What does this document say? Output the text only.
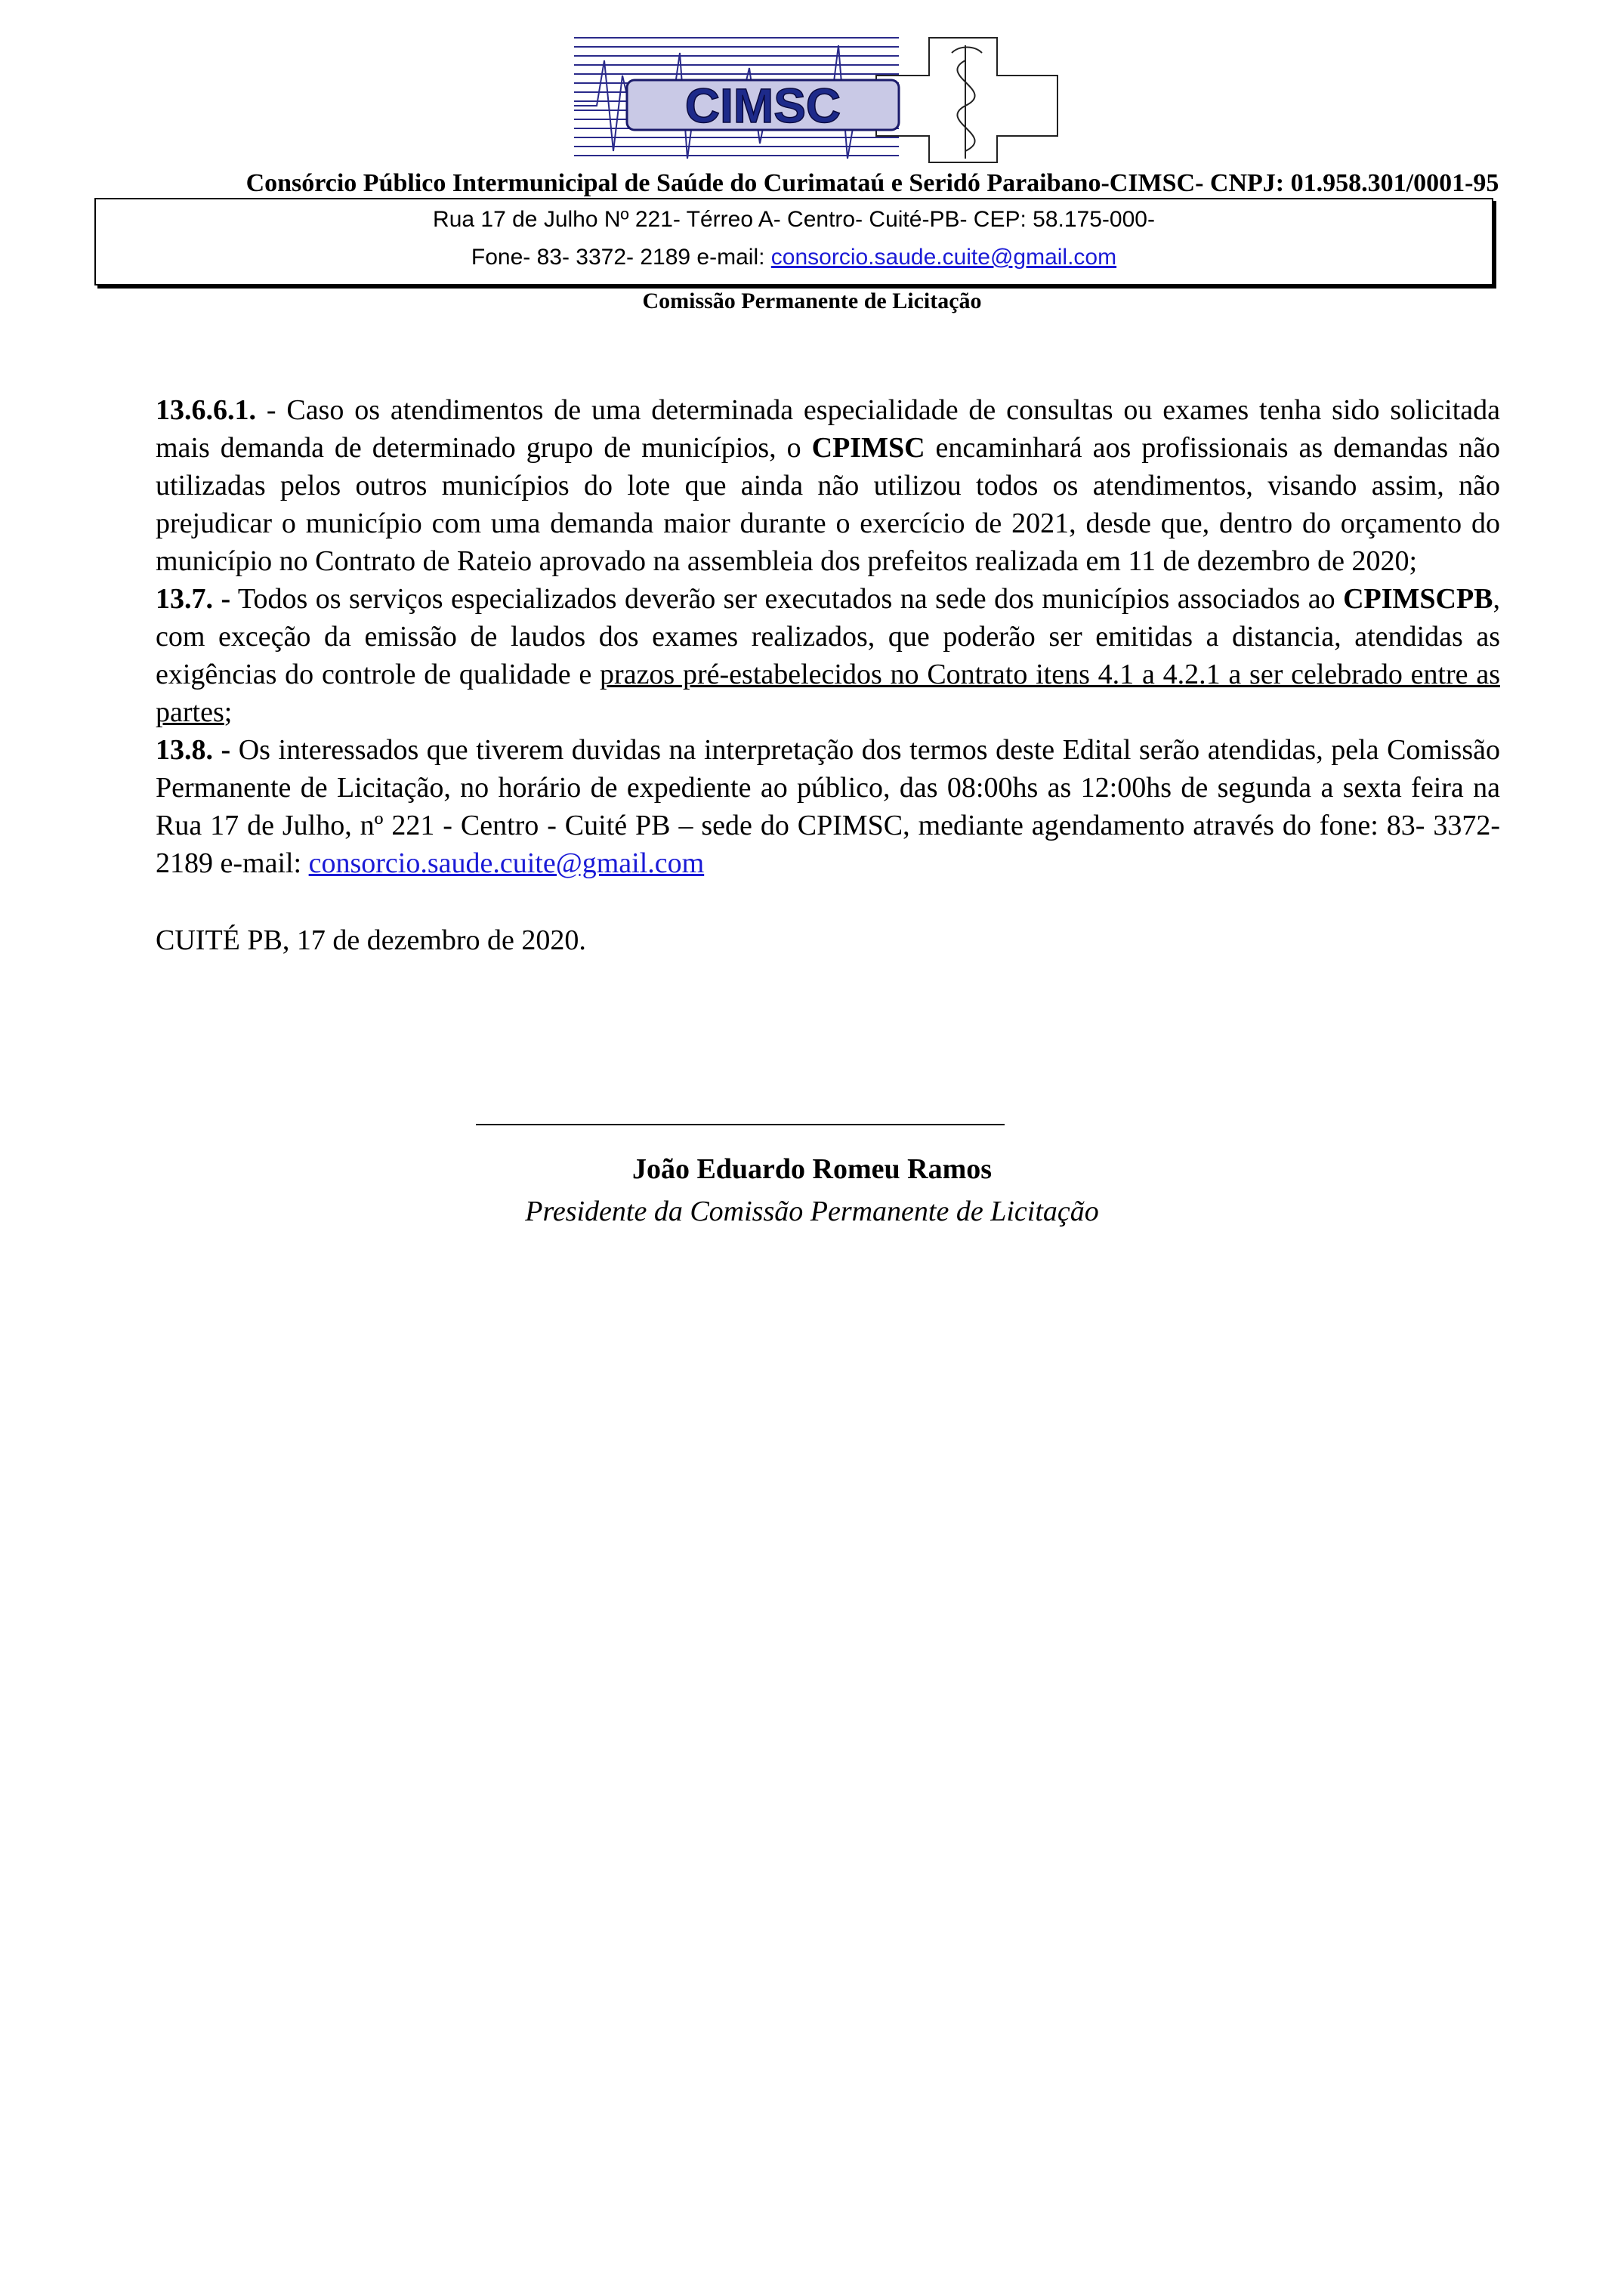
CIMSC
Consórcio Público Intermunicipal de Saúde do Curimataú e Seridó Paraibano-CIMSC- CNPJ: 01.958.301/0001-95
Rua 17 de Julho Nº 221- Térreo A- Centro- Cuité-PB- CEP: 58.175-000-
Fone- 83- 3372- 2189 e-mail: consorcio.saude.cuite@gmail.com
Comissão Permanente de Licitação

13.6.6.1. - Caso os atendimentos de uma determinada especialidade de consultas ou exames tenha sido solicitada mais demanda de determinado grupo de municípios, o CPIMSC encaminhará aos profissionais as demandas não utilizadas pelos outros municípios do lote que ainda não utilizou todos os atendimentos, visando assim, não prejudicar o município com uma demanda maior durante o exercício de 2021, desde que, dentro do orçamento do município no Contrato de Rateio aprovado na assembleia dos prefeitos realizada em 11 de dezembro de 2020;

13.7. - Todos os serviços especializados deverão ser executados na sede dos municípios associados ao CPIMSCPB, com exceção da emissão de laudos dos exames realizados, que poderão ser emitidas a distancia, atendidas as exigências do controle de qualidade e prazos pré-estabelecidos no Contrato itens 4.1 a 4.2.1 a ser celebrado entre as partes;

13.8. - Os interessados que tiverem duvidas na interpretação dos termos deste Edital serão atendidas, pela Comissão Permanente de Licitação, no horário de expediente ao público, das 08:00hs as 12:00hs de segunda a sexta feira na Rua 17 de Julho, nº 221 - Centro - Cuité PB – sede do CPIMSC, mediante agendamento através do fone: 83- 3372- 2189 e-mail: consorcio.saude.cuite@gmail.com

CUITÉ PB, 17 de dezembro de 2020.

João Eduardo Romeu Ramos
Presidente da Comissão Permanente de Licitação
